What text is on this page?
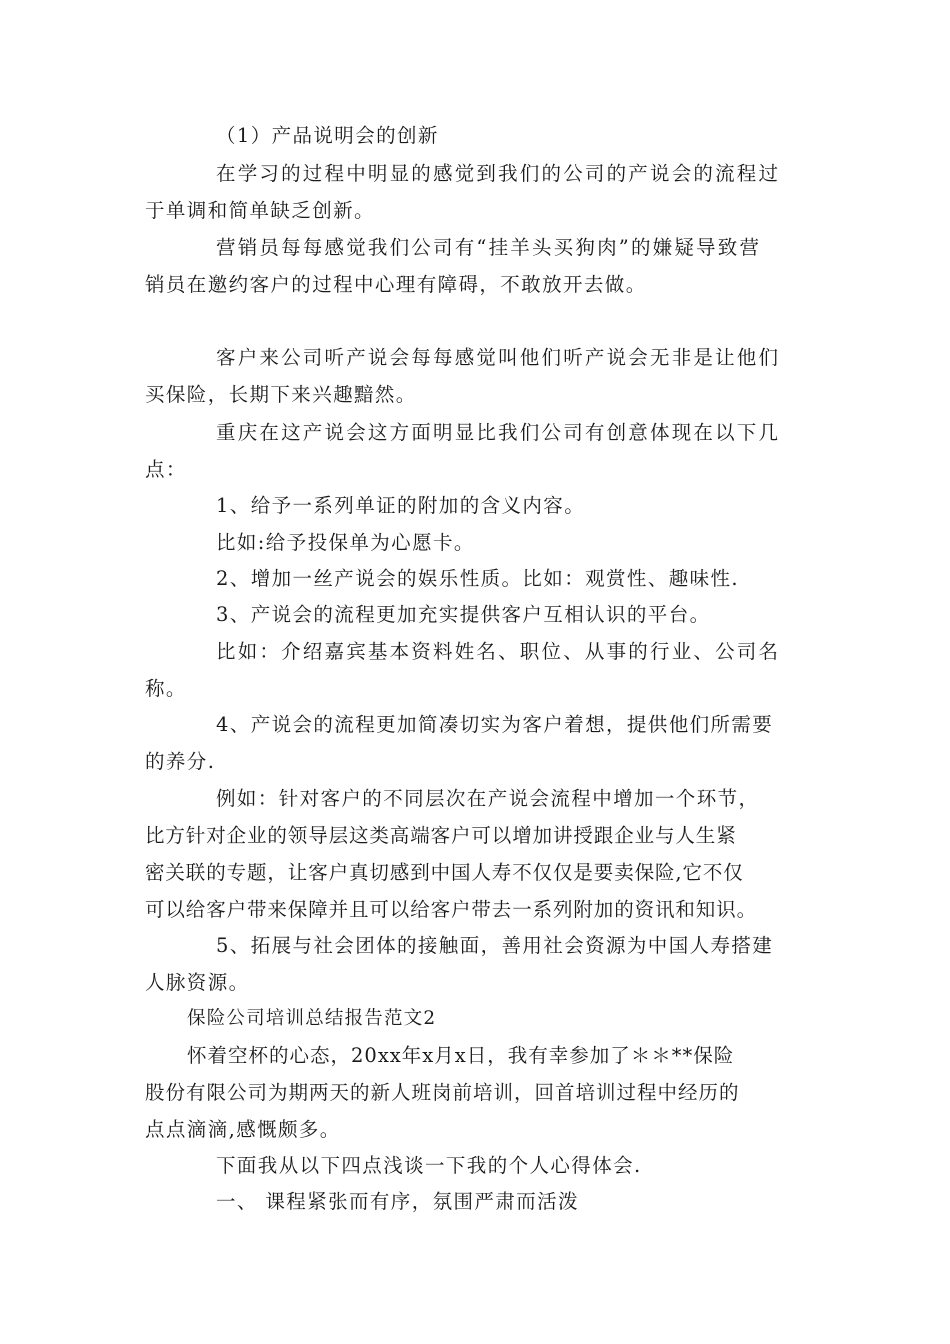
（1）产品说明会的创新
在学习的过程中明显的感觉到我们的公司的产说会的流程过
于单调和简单缺乏创新。
营销员每每感觉我们公司有“挂羊头买狗肉”的嫌疑导致营
销员在邀约客户的过程中心理有障碍，不敢放开去做。
客户来公司听产说会每每感觉叫他们听产说会无非是让他们
买保险，长期下来兴趣黯然。
重庆在这产说会这方面明显比我们公司有创意体现在以下几
点：
1、给予一系列单证的附加的含义内容。
比如:给予投保单为心愿卡。
2、增加一丝产说会的娱乐性质。比如：观赏性、趣味性.
3、产说会的流程更加充实提供客户互相认识的平台。
比如：介绍嘉宾基本资料姓名、职位、从事的行业、公司名
称。
4、产说会的流程更加简凑切实为客户着想，提供他们所需要
的养分.
例如：针对客户的不同层次在产说会流程中增加一个环节，
比方针对企业的领导层这类高端客户可以增加讲授跟企业与人生紧
密关联的专题，让客户真切感到中国人寿不仅仅是要卖保险,它不仅
可以给客户带来保障并且可以给客户带去一系列附加的资讯和知识。
5、拓展与社会团体的接触面，善用社会资源为中国人寿搭建
人脉资源。
保险公司培训总结报告范文2
怀着空杯的心态，20xx年x月x日，我有幸参加了＊＊**保险
股份有限公司为期两天的新人班岗前培训，回首培训过程中经历的
点点滴滴,感慨颇多。
下面我从以下四点浅谈一下我的个人心得体会.
一、 课程紧张而有序，氛围严肃而活泼
